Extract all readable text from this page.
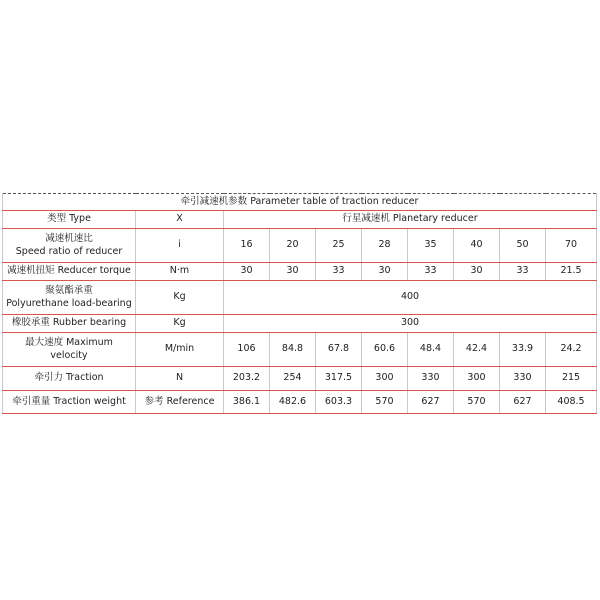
牵引减速机参数 Parameter table of traction reducer									
类型 Type	X	行星减速机 Planetary reducer							

减速机速比
Speed ratio of reducer	i	16	20	25	28	35	40	50	70
减速机扭矩 Reducer torque	N·m	30	30	33	30	33	30	33	21.5

聚氨酯承重
Polyurethane load-bearing	Kg	400							
橡胶承重 Rubber bearing	Kg	300							

最大速度 Maximum
velocity	M/min	106	84.8	67.8	60.6	48.4	42.4	33.9	24.2
牵引力 Traction	N	203.2	254	317.5	300	330	300	330	215
牵引重量 Traction weight	参考 Reference	386.1	482.6	603.3	570	627	570	627	408.5
